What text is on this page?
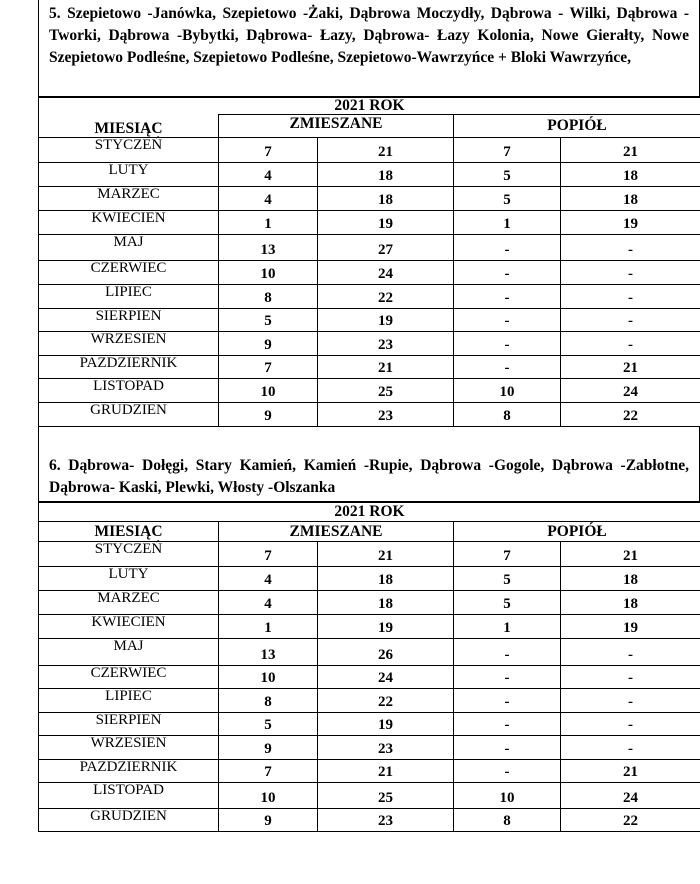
5. Szepietowo -Janówka, Szepietowo -Żaki, Dąbrowa Moczydły, Dąbrowa - Wilki, Dąbrowa -Tworki, Dąbrowa -Bybytki, Dąbrowa- Łazy, Dąbrowa- Łazy Kolonia, Nowe Gierałty, Nowe Szepietowo Podleśne, Szepietowo Podleśne, Szepietowo-Wawrzyńce + Bloki Wawrzyńce,
2021 ROK				
MIESIĄC	ZMIESZANE		POPIÓŁ	
STYCZEŃ	7	21	7	21
LUTY	4	18	5	18
MARZEC	4	18	5	18
KWIECIEN	1	19	1	19
MAJ	13	27	-	-
CZERWIEC	10	24	-	-
LIPIEC	8	22	-	-
SIERPIEN	5	19	-	-
WRZESIEN	9	23	-	-
PAZDZIERNIK	7	21	-	21
LISTOPAD	10	25	10	24
GRUDZIEN	9	23	8	22
6. Dąbrowa- Dołęgi, Stary Kamień, Kamień -Rupie, Dąbrowa -Gogole, Dąbrowa -Zabłotne, Dąbrowa- Kaski, Plewki, Włosty -Olszanka
2021 ROK				
MIESIĄC	ZMIESZANE		POPIÓŁ	
STYCZEŃ	7	21	7	21
LUTY	4	18	5	18
MARZEC	4	18	5	18
KWIECIEN	1	19	1	19
MAJ	13	26	-	-
CZERWIEC	10	24	-	-
LIPIEC	8	22	-	-
SIERPIEN	5	19	-	-
WRZESIEN	9	23	-	-
PAZDZIERNIK	7	21	-	21
LISTOPAD	10	25	10	24
GRUDZIEN	9	23	8	22
